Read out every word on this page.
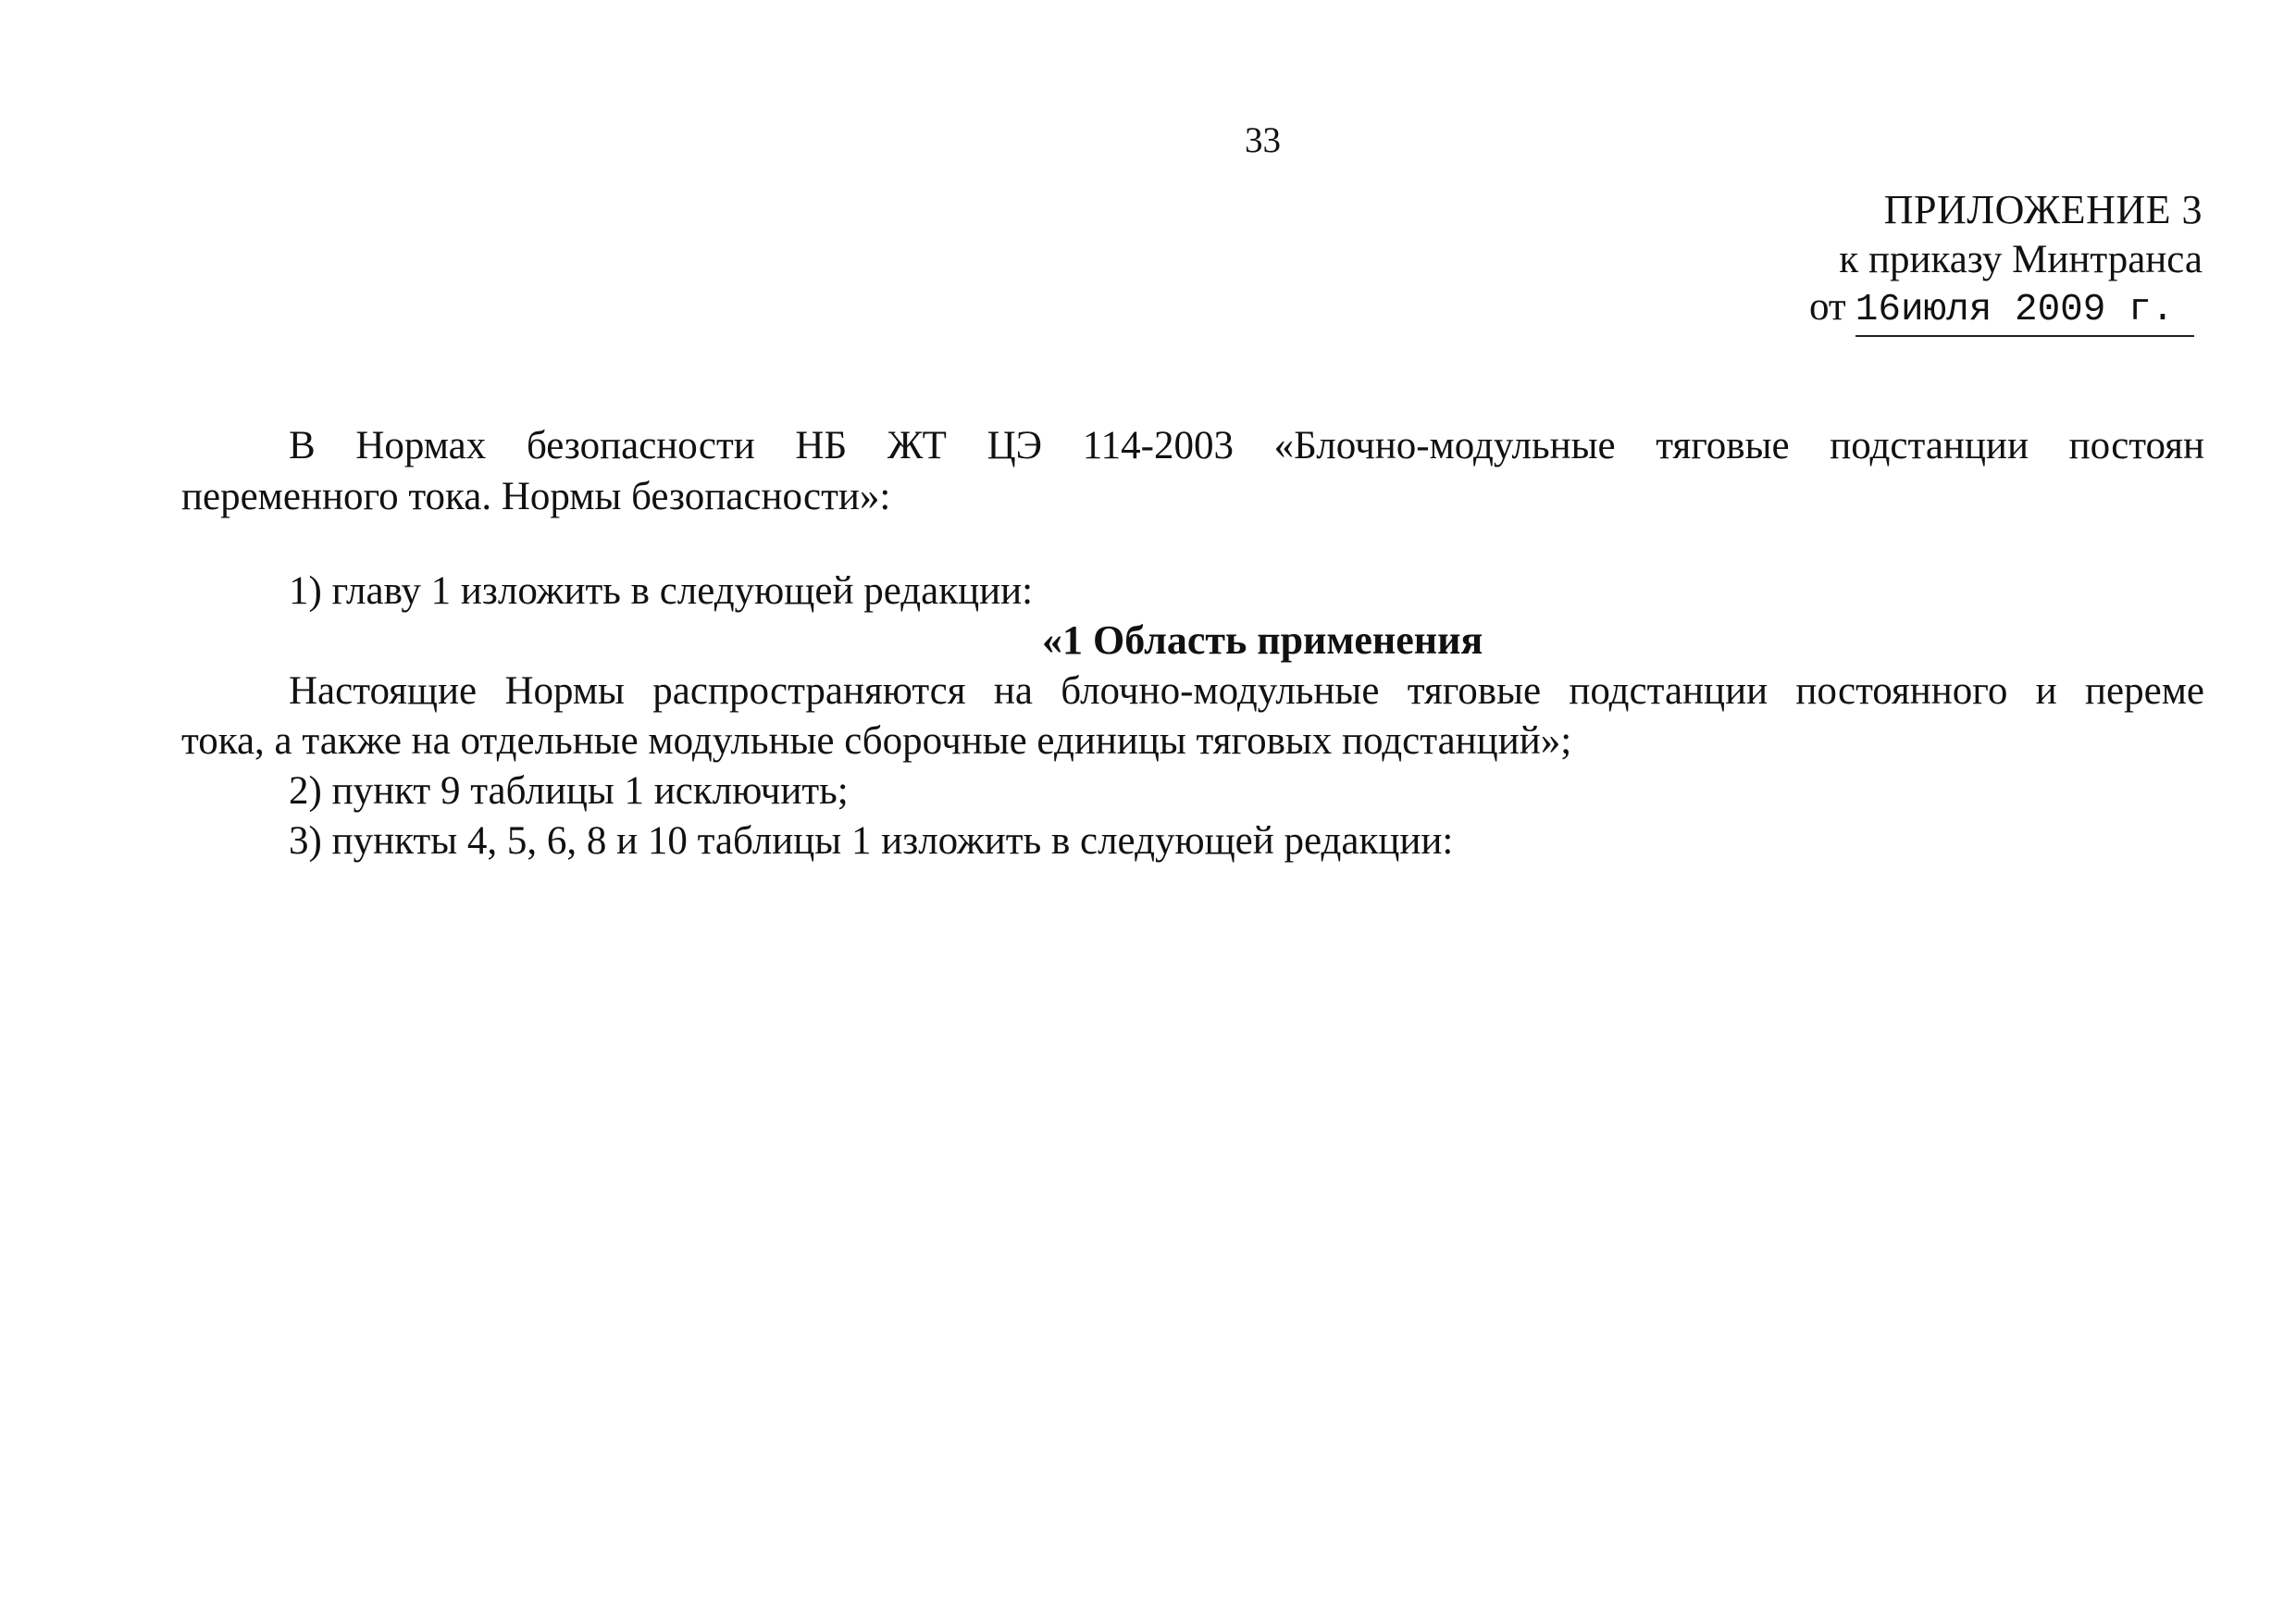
33
ПРИЛОЖЕНИЕ 3
к приказу Минтранса
от 16июля 2009 г.
В Нормах безопасности НБ ЖТ ЦЭ 114-2003 «Блочно-модульные тяговые подстанции постоян
переменного тока. Нормы безопасности»:
1) главу 1 изложить в следующей редакции:
«1 Область применения
Настоящие Нормы распространяются на блочно-модульные тяговые подстанции постоянного и переме
тока, а также на отдельные модульные сборочные единицы тяговых подстанций»;
2) пункт 9 таблицы 1 исключить;
3) пункты 4, 5, 6, 8 и 10 таблицы 1 изложить в следующей редакции:
